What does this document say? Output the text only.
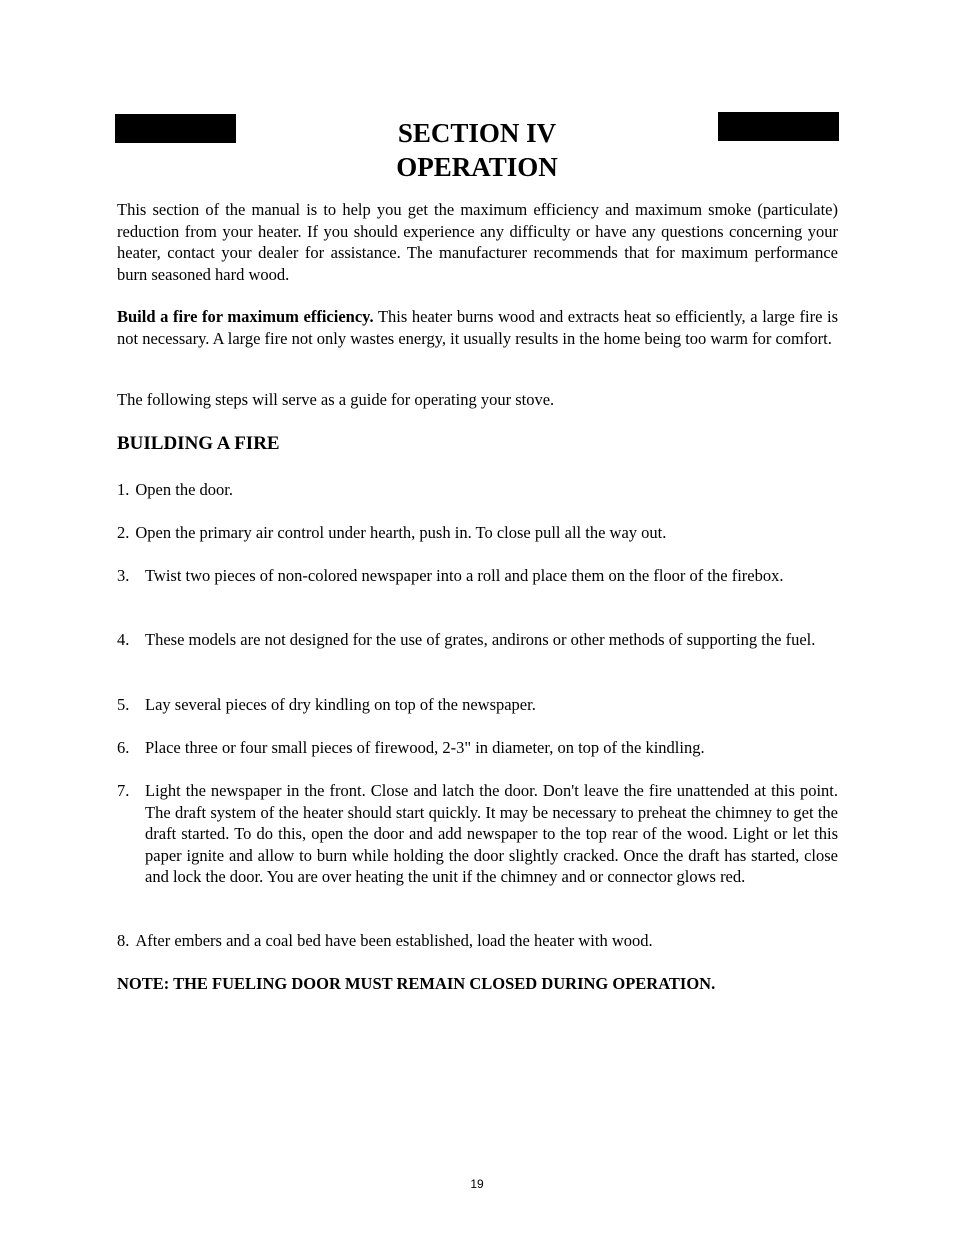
SECTION IV
OPERATION

This section of the manual is to help you get the maximum efficiency and maximum smoke (particulate) reduction from your heater. If you should experience any difficulty or have any questions concerning your heater, contact your dealer for assistance. The manufacturer recommends that for maximum performance burn seasoned hard wood.

Build a fire for maximum efficiency. This heater burns wood and extracts heat so efficiently, a large fire is not necessary. A large fire not only wastes energy, it usually results in the home being too warm for comfort.

The following steps will serve as a guide for operating your stove.

BUILDING A FIRE
1. Open the door.
2. Open the primary air control under hearth, push in. To close pull all the way out.
3. Twist two pieces of non-colored newspaper into a roll and place them on the floor of the firebox.
4. These models are not designed for the use of grates, andirons or other methods of supporting the fuel.
5. Lay several pieces of dry kindling on top of the newspaper.
6. Place three or four small pieces of firewood, 2-3" in diameter, on top of the kindling.
7. Light the newspaper in the front. Close and latch the door. Don't leave the fire unattended at this point. The draft system of the heater should start quickly. It may be necessary to preheat the chimney to get the draft started. To do this, open the door and add newspaper to the top rear of the wood. Light or let this paper ignite and allow to burn while holding the door slightly cracked. Once the draft has started, close and lock the door. You are over heating the unit if the chimney and or connector glows red.
8. After embers and a coal bed have been established, load the heater with wood.

NOTE: THE FUELING DOOR MUST REMAIN CLOSED DURING OPERATION.

19
